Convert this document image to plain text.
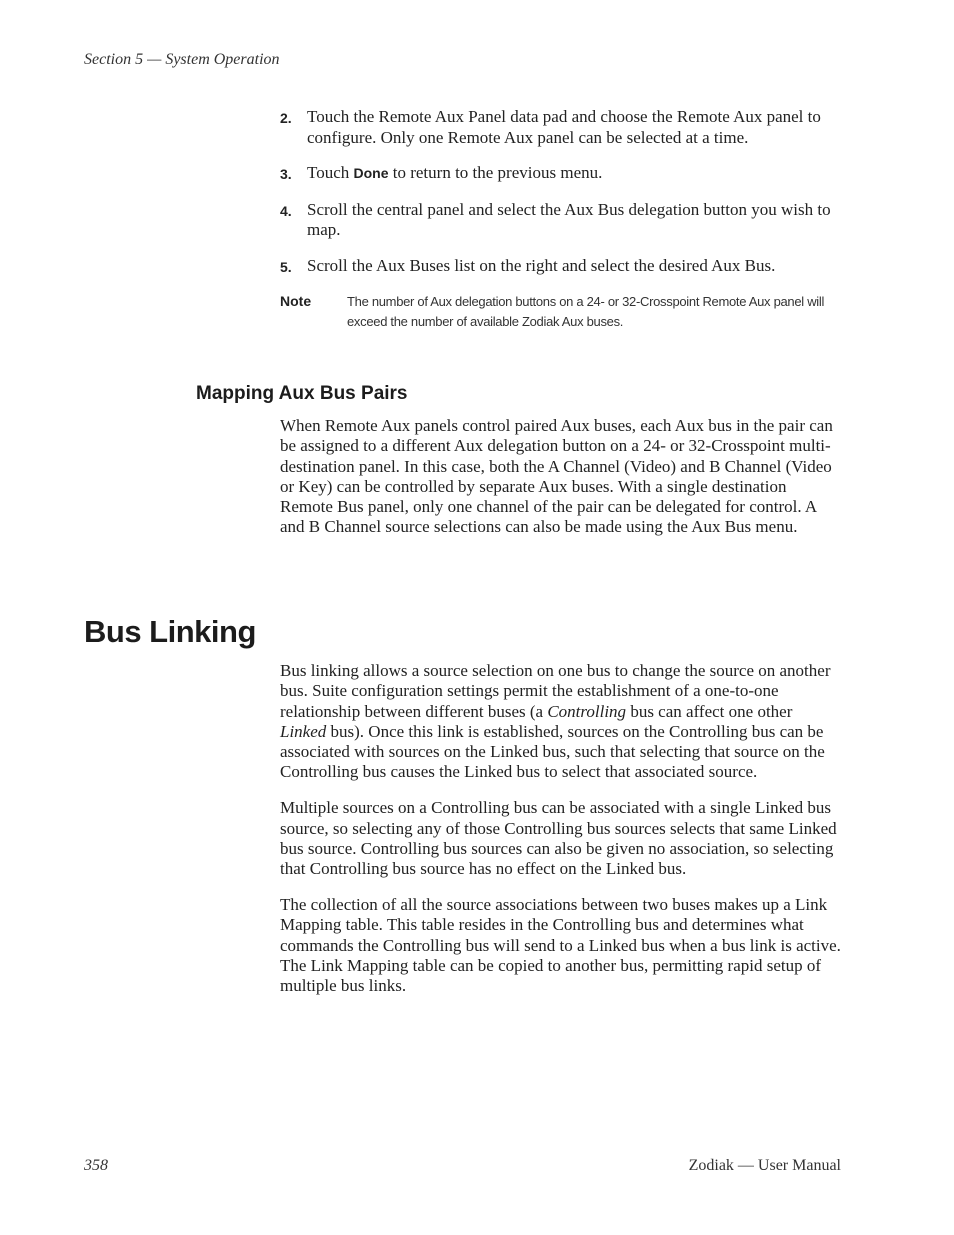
Section 5 — System Operation
2. Touch the Remote Aux Panel data pad and choose the Remote Aux panel to configure. Only one Remote Aux panel can be selected at a time.
3. Touch Done to return to the previous menu.
4. Scroll the central panel and select the Aux Bus delegation button you wish to map.
5. Scroll the Aux Buses list on the right and select the desired Aux Bus.
Note	The number of Aux delegation buttons on a 24- or 32-Crosspoint Remote Aux panel will exceed the number of available Zodiak Aux buses.
Mapping Aux Bus Pairs

When Remote Aux panels control paired Aux buses, each Aux bus in the pair can be assigned to a different Aux delegation button on a 24- or 32-Crosspoint multi-destination panel. In this case, both the A Channel (Video) and B Channel (Video or Key) can be controlled by separate Aux buses. With a single destination Remote Bus panel, only one channel of the pair can be delegated for control. A and B Channel source selections can also be made using the Aux Bus menu.

Bus Linking

Bus linking allows a source selection on one bus to change the source on another bus. Suite configuration settings permit the establishment of a one-to-one relationship between different buses (a Controlling bus can affect one other Linked bus). Once this link is established, sources on the Controlling bus can be associated with sources on the Linked bus, such that selecting that source on the Controlling bus causes the Linked bus to select that associated source.

Multiple sources on a Controlling bus can be associated with a single Linked bus source, so selecting any of those Controlling bus sources selects that same Linked bus source. Controlling bus sources can also be given no association, so selecting that Controlling bus source has no effect on the Linked bus.

The collection of all the source associations between two buses makes up a Link Mapping table. This table resides in the Controlling bus and determines what commands the Controlling bus will send to a Linked bus when a bus link is active. The Link Mapping table can be copied to another bus, permitting rapid setup of multiple bus links.

358	Zodiak — User Manual
